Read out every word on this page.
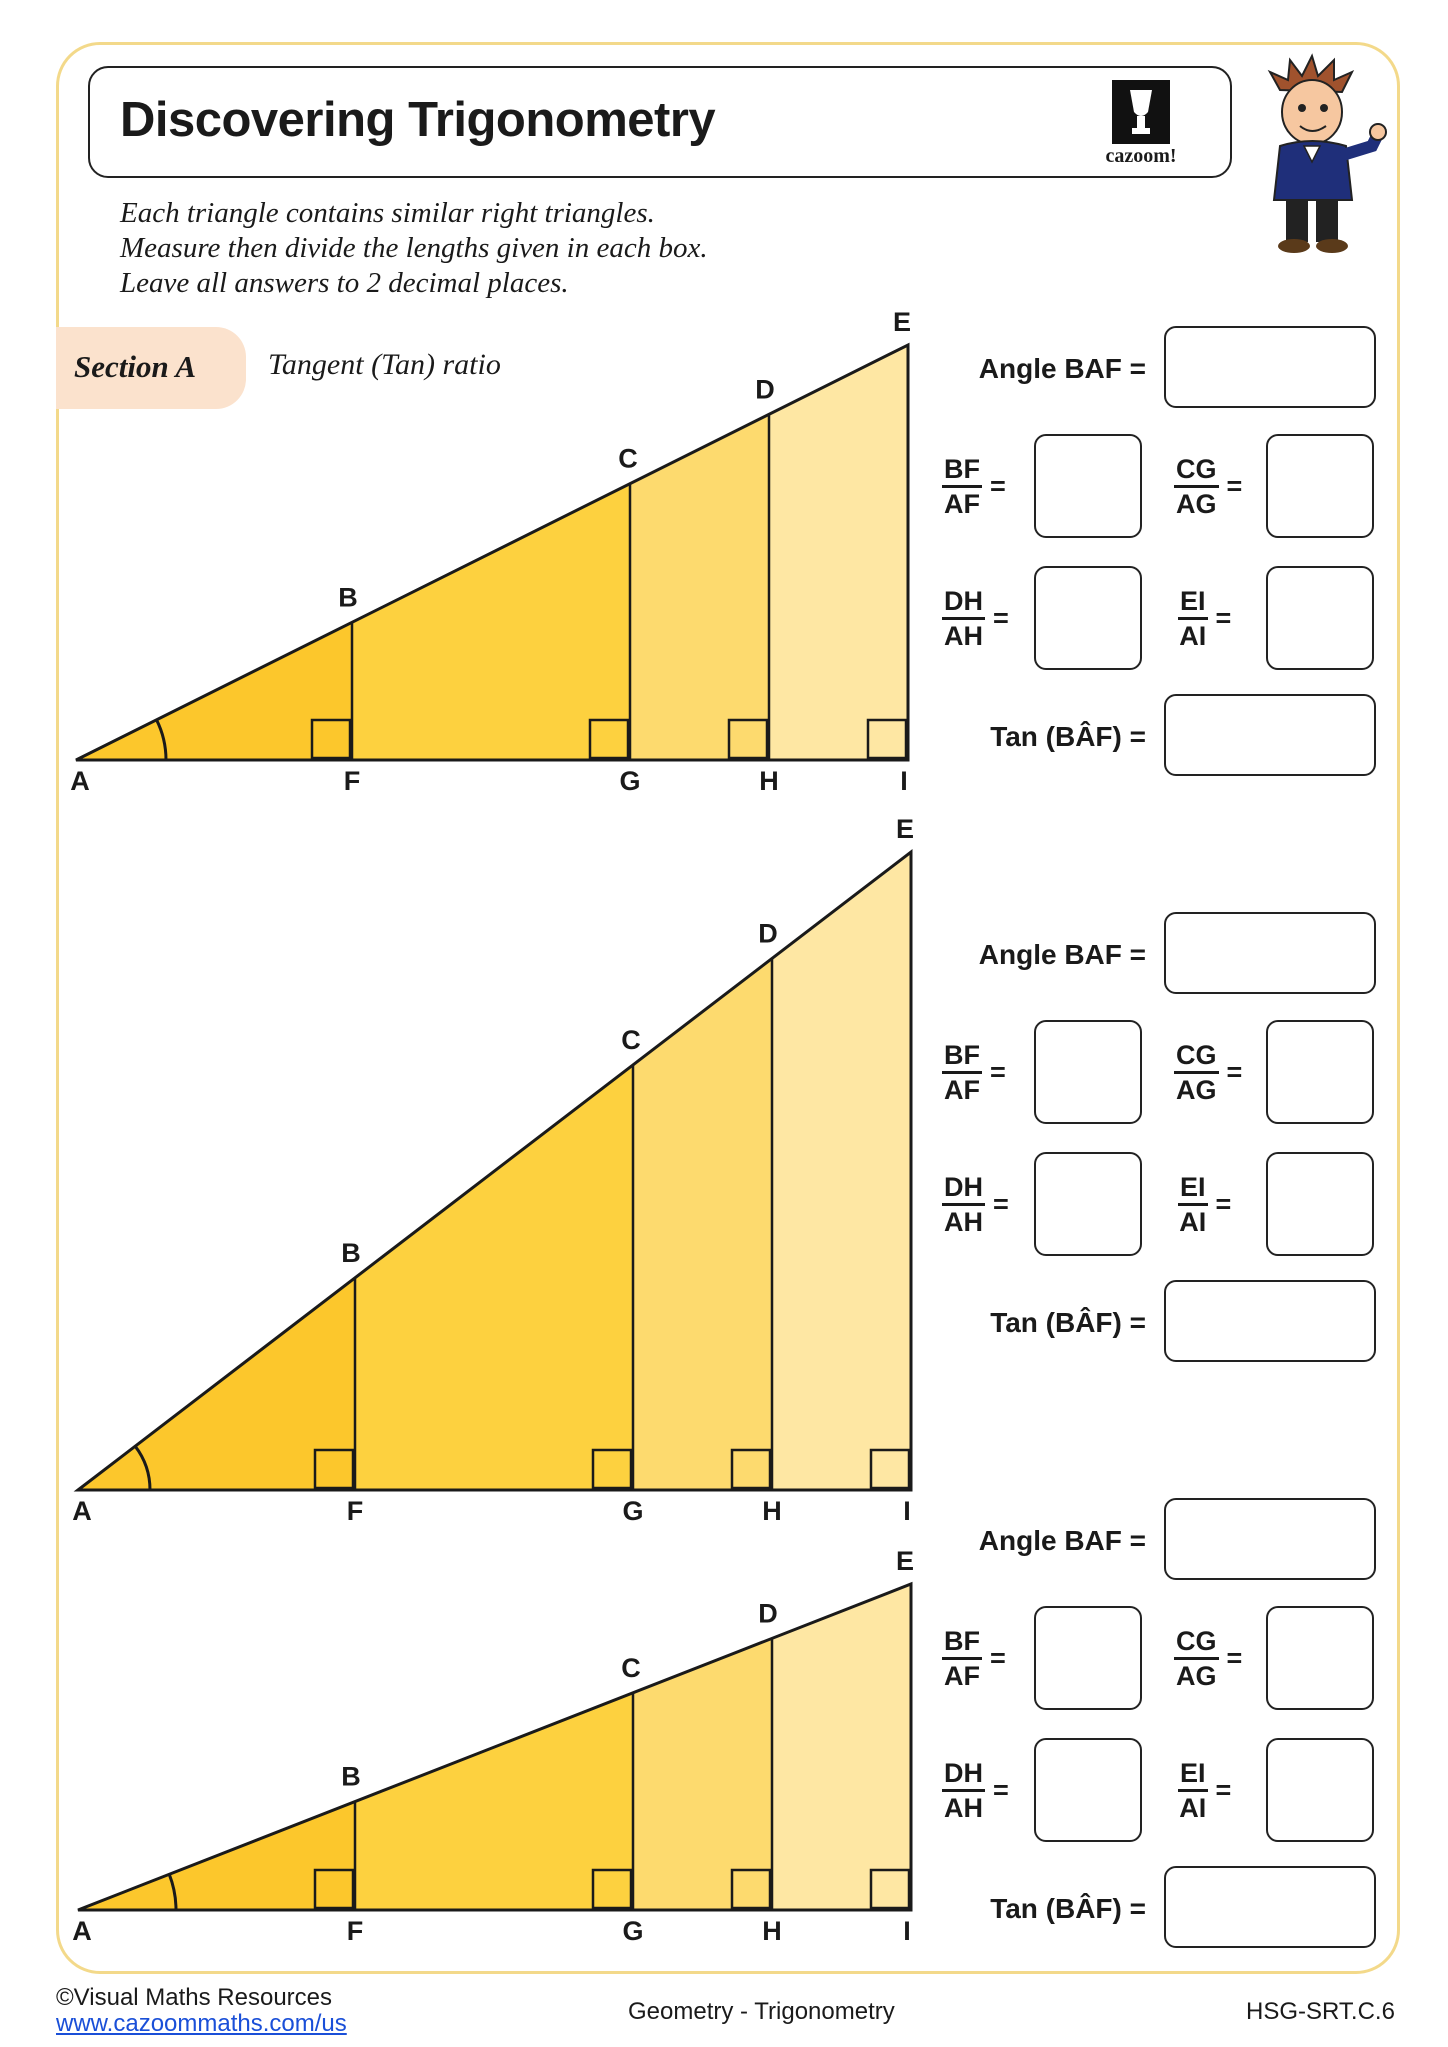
Discovering Trigonometry
cazoom!
Each triangle contains similar right triangles.
Measure then divide the lengths given in each box.
Leave all answers to 2 decimal places.
Section A Tangent (Tan) ratio
A	F	G	H	I
B
C
D
E
A	F	G	H	I
B
C
D
E
A	F	G	H	I
B
C
D
E
Angle BAF =
$\frac{BF}{AF}$ =	$\frac{CG}{AG}$ =
$\frac{DH}{AH}$ =	$\frac{EI}{AI}$ =
Tan (BÂF) =
Angle BAF =
$\frac{BF}{AF}$ =	$\frac{CG}{AG}$ =
$\frac{DH}{AH}$ =	$\frac{EI}{AI}$ =
Tan (BÂF) =
Angle BAF =
$\frac{BF}{AF}$ =	$\frac{CG}{AG}$ =
$\frac{DH}{AH}$ =	$\frac{EI}{AI}$ =
Tan (BÂF) =
©Visual Maths Resources
www.cazoommaths.com/us	Geometry - Trigonometry	HSG-SRT.C.6
